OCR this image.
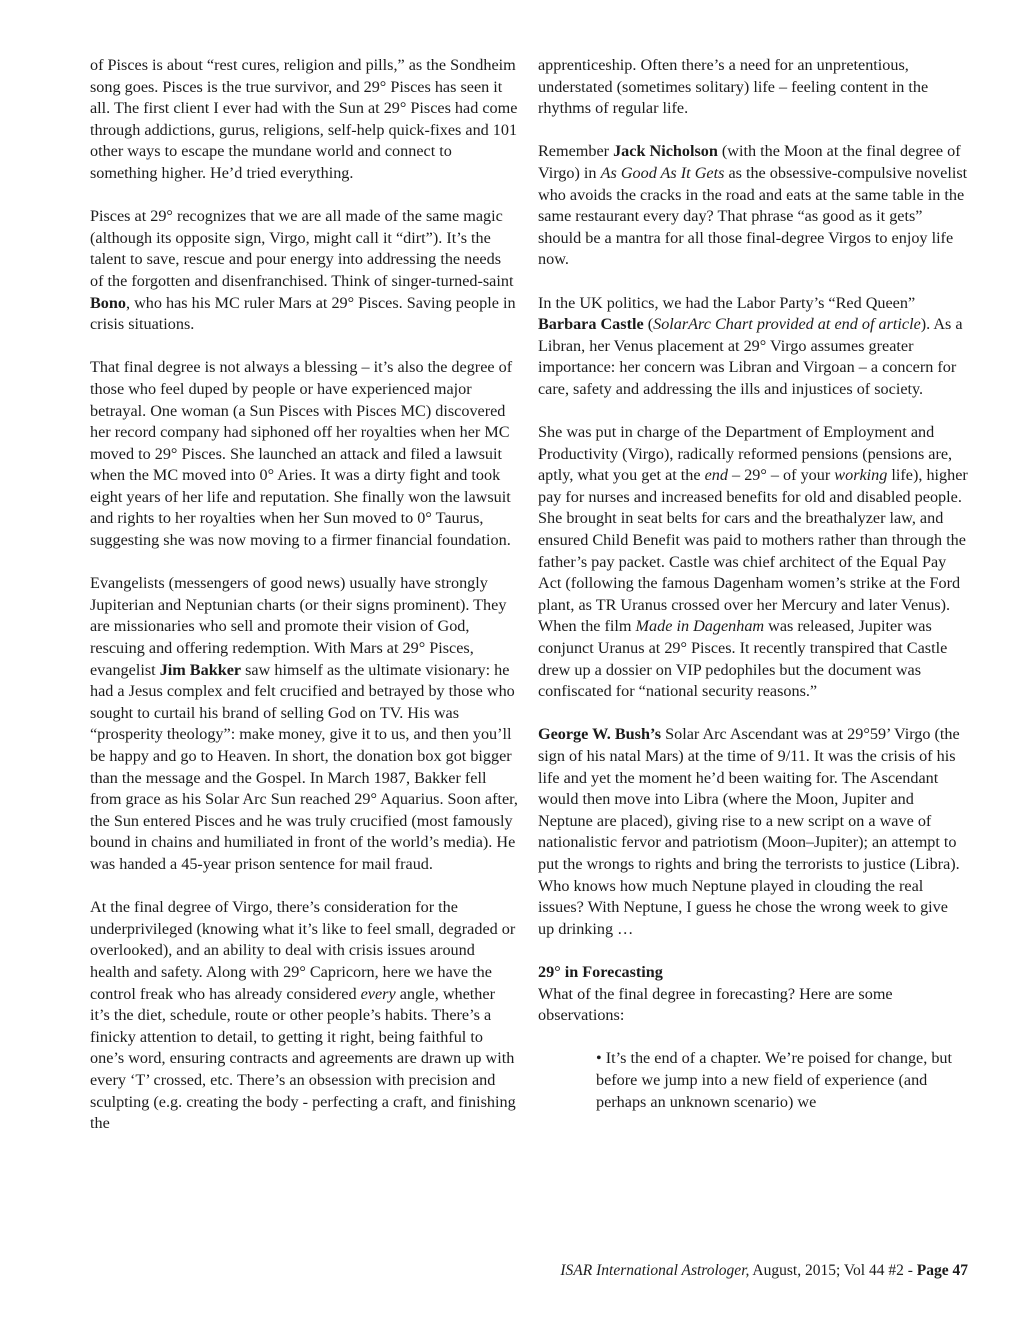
of Pisces is about “rest cures, religion and pills,” as the Sondheim song goes. Pisces is the true survivor, and 29° Pisces has seen it all. The first client I ever had with the Sun at 29° Pisces had come through addictions, gurus, religions, self-help quick-fixes and 101 other ways to escape the mundane world and connect to something higher. He’d tried everything.

Pisces at 29° recognizes that we are all made of the same magic (although its opposite sign, Virgo, might call it “dirt”). It’s the talent to save, rescue and pour energy into addressing the needs of the forgotten and disenfranchised. Think of singer-turned-saint Bono, who has his MC ruler Mars at 29° Pisces. Saving people in crisis situations.

That final degree is not always a blessing – it’s also the degree of those who feel duped by people or have experienced major betrayal. One woman (a Sun Pisces with Pisces MC) discovered her record company had siphoned off her royalties when her MC moved to 29° Pisces. She launched an attack and filed a lawsuit when the MC moved into 0° Aries. It was a dirty fight and took eight years of her life and reputation. She finally won the lawsuit and rights to her royalties when her Sun moved to 0° Taurus, suggesting she was now moving to a firmer financial foundation.

Evangelists (messengers of good news) usually have strongly Jupiterian and Neptunian charts (or their signs prominent). They are missionaries who sell and promote their vision of God, rescuing and offering redemption. With Mars at 29° Pisces, evangelist Jim Bakker saw himself as the ultimate visionary: he had a Jesus complex and felt crucified and betrayed by those who sought to curtail his brand of selling God on TV. His was “prosperity theology”: make money, give it to us, and then you’ll be happy and go to Heaven. In short, the donation box got bigger than the message and the Gospel. In March 1987, Bakker fell from grace as his Solar Arc Sun reached 29° Aquarius. Soon after, the Sun entered Pisces and he was truly crucified (most famously bound in chains and humiliated in front of the world’s media). He was handed a 45-year prison sentence for mail fraud.

At the final degree of Virgo, there’s consideration for the underprivileged (knowing what it’s like to feel small, degraded or overlooked), and an ability to deal with crisis issues around health and safety. Along with 29° Capricorn, here we have the control freak who has already considered every angle, whether it’s the diet, schedule, route or other people’s habits. There’s a finicky attention to detail, to getting it right, being faithful to one’s word, ensuring contracts and agreements are drawn up with every ‘T’ crossed, etc. There’s an obsession with precision and sculpting (e.g. creating the body - perfecting a craft, and finishing the

apprenticeship. Often there’s a need for an unpretentious, understated (sometimes solitary) life – feeling content in the rhythms of regular life.

Remember Jack Nicholson (with the Moon at the final degree of Virgo) in As Good As It Gets as the obsessive-compulsive novelist who avoids the cracks in the road and eats at the same table in the same restaurant every day? That phrase “as good as it gets” should be a mantra for all those final-degree Virgos to enjoy life now.

In the UK politics, we had the Labor Party’s “Red Queen” Barbara Castle (SolarArc Chart provided at end of article). As a Libran, her Venus placement at 29° Virgo assumes greater importance: her concern was Libran and Virgoan – a concern for care, safety and addressing the ills and injustices of society.

She was put in charge of the Department of Employment and Productivity (Virgo), radically reformed pensions (pensions are, aptly, what you get at the end – 29° – of your working life), higher pay for nurses and increased benefits for old and disabled people. She brought in seat belts for cars and the breathalyzer law, and ensured Child Benefit was paid to mothers rather than through the father’s pay packet. Castle was chief architect of the Equal Pay Act (following the famous Dagenham women’s strike at the Ford plant, as TR Uranus crossed over her Mercury and later Venus). When the film Made in Dagenham was released, Jupiter was conjunct Uranus at 29° Pisces. It recently transpired that Castle drew up a dossier on VIP pedophiles but the document was confiscated for “national security reasons.”

George W. Bush’s Solar Arc Ascendant was at 29°59’ Virgo (the sign of his natal Mars) at the time of 9/11. It was the crisis of his life and yet the moment he’d been waiting for. The Ascendant would then move into Libra (where the Moon, Jupiter and Neptune are placed), giving rise to a new script on a wave of nationalistic fervor and patriotism (Moon–Jupiter); an attempt to put the wrongs to rights and bring the terrorists to justice (Libra). Who knows how much Neptune played in clouding the real issues? With Neptune, I guess he chose the wrong week to give up drinking …

29° in Forecasting

What of the final degree in forecasting? Here are some observations:

• It’s the end of a chapter. We’re poised for change, but before we jump into a new field of experience (and perhaps an unknown scenario) we

ISAR International Astrologer, August, 2015; Vol 44 #2 - Page 47
